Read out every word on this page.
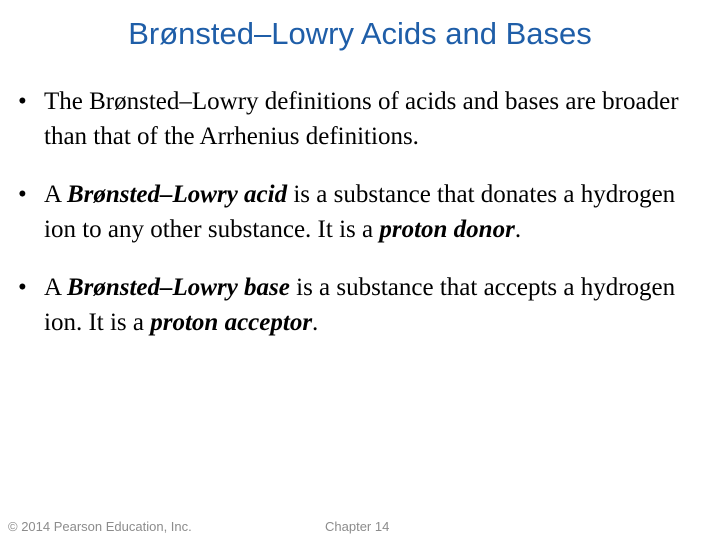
Brønsted–Lowry Acids and Bases
• The Brønsted–Lowry definitions of acids and bases are broader than that of the Arrhenius definitions.
• A Brønsted–Lowry acid is a substance that donates a hydrogen ion to any other substance. It is a proton donor.
• A Brønsted–Lowry base is a substance that accepts a hydrogen ion. It is a proton acceptor.
© 2014 Pearson Education, Inc.	Chapter 14
